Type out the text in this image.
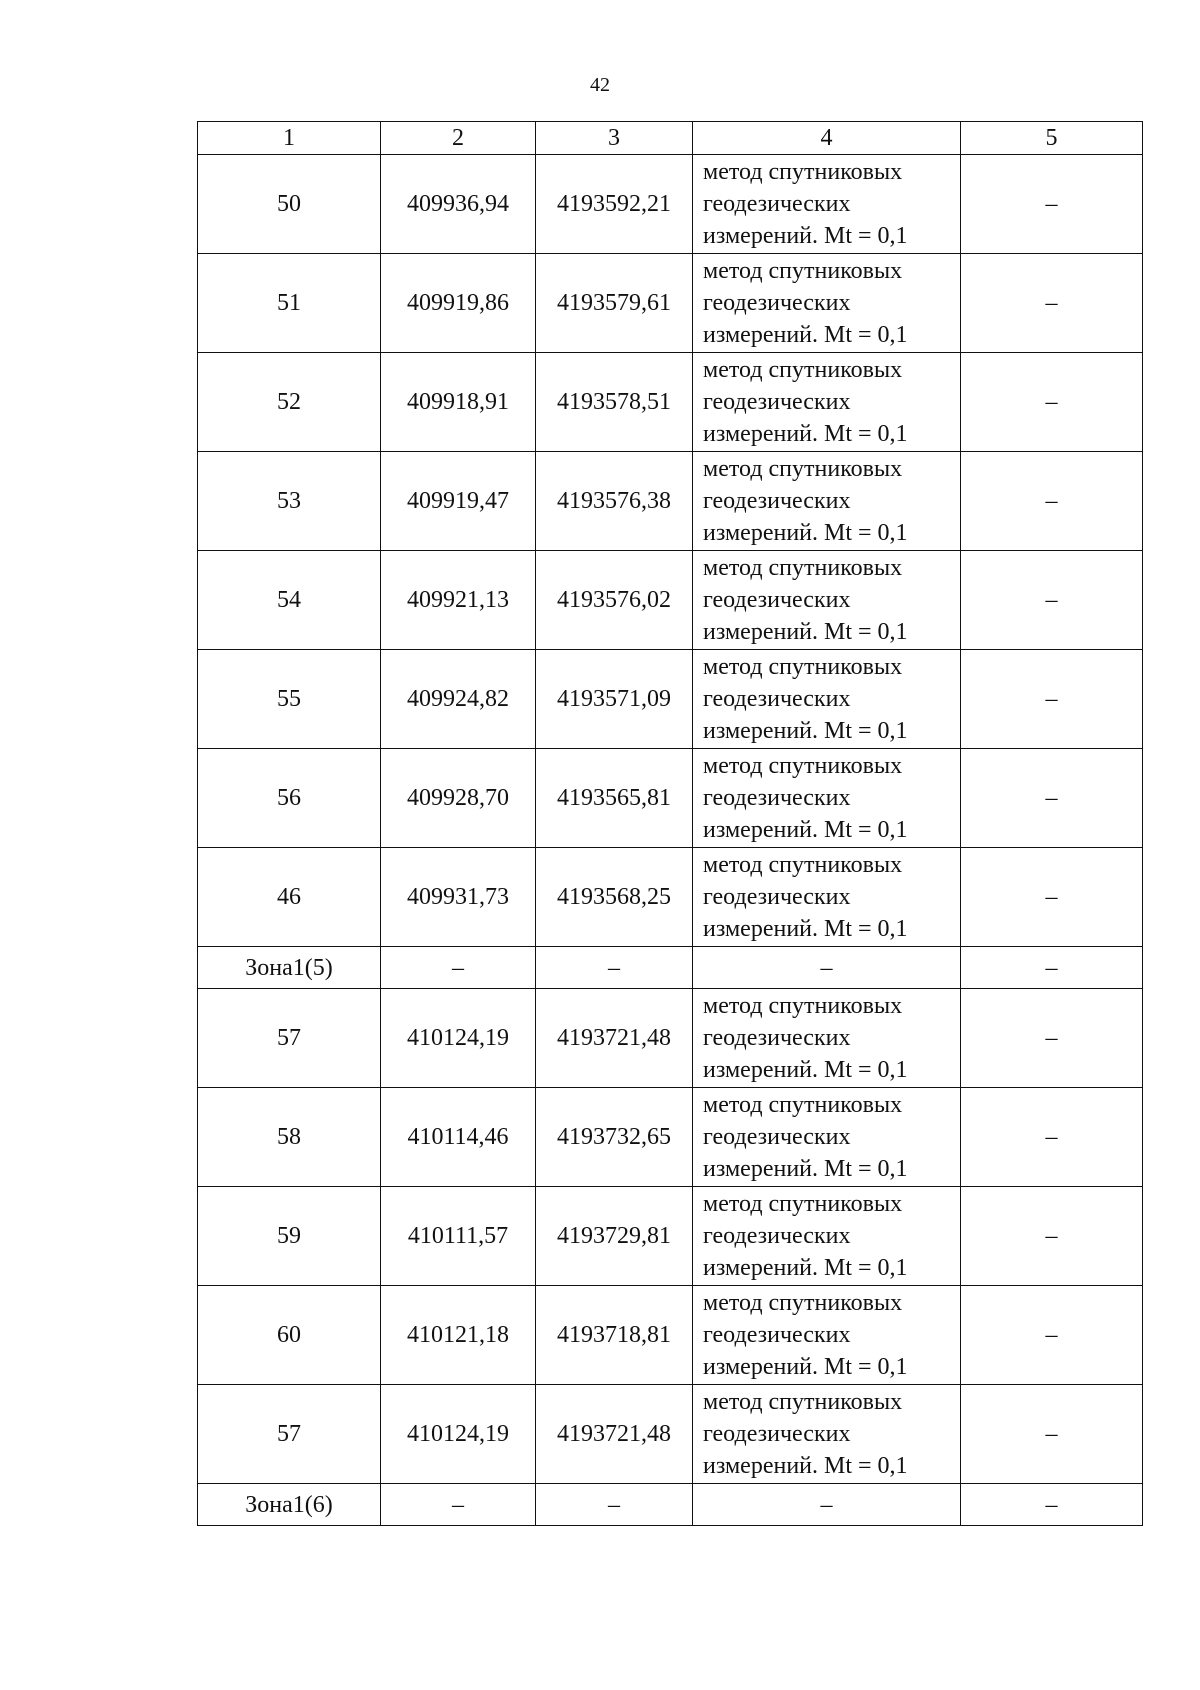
42
1	2	3	4	5
50	409936,94	4193592,21	метод спутниковых
геодезических
измерений. Mt = 0,1	–
51	409919,86	4193579,61	метод спутниковых
геодезических
измерений. Mt = 0,1	–
52	409918,91	4193578,51	метод спутниковых
геодезических
измерений. Mt = 0,1	–
53	409919,47	4193576,38	метод спутниковых
геодезических
измерений. Mt = 0,1	–
54	409921,13	4193576,02	метод спутниковых
геодезических
измерений. Mt = 0,1	–
55	409924,82	4193571,09	метод спутниковых
геодезических
измерений. Mt = 0,1	–
56	409928,70	4193565,81	метод спутниковых
геодезических
измерений. Mt = 0,1	–
46	409931,73	4193568,25	метод спутниковых
геодезических
измерений. Mt = 0,1	–
Зона1(5)	–	–	–	–
57	410124,19	4193721,48	метод спутниковых
геодезических
измерений. Mt = 0,1	–
58	410114,46	4193732,65	метод спутниковых
геодезических
измерений. Mt = 0,1	–
59	410111,57	4193729,81	метод спутниковых
геодезических
измерений. Mt = 0,1	–
60	410121,18	4193718,81	метод спутниковых
геодезических
измерений. Mt = 0,1	–
57	410124,19	4193721,48	метод спутниковых
геодезических
измерений. Mt = 0,1	–
Зона1(6)	–	–	–	–
